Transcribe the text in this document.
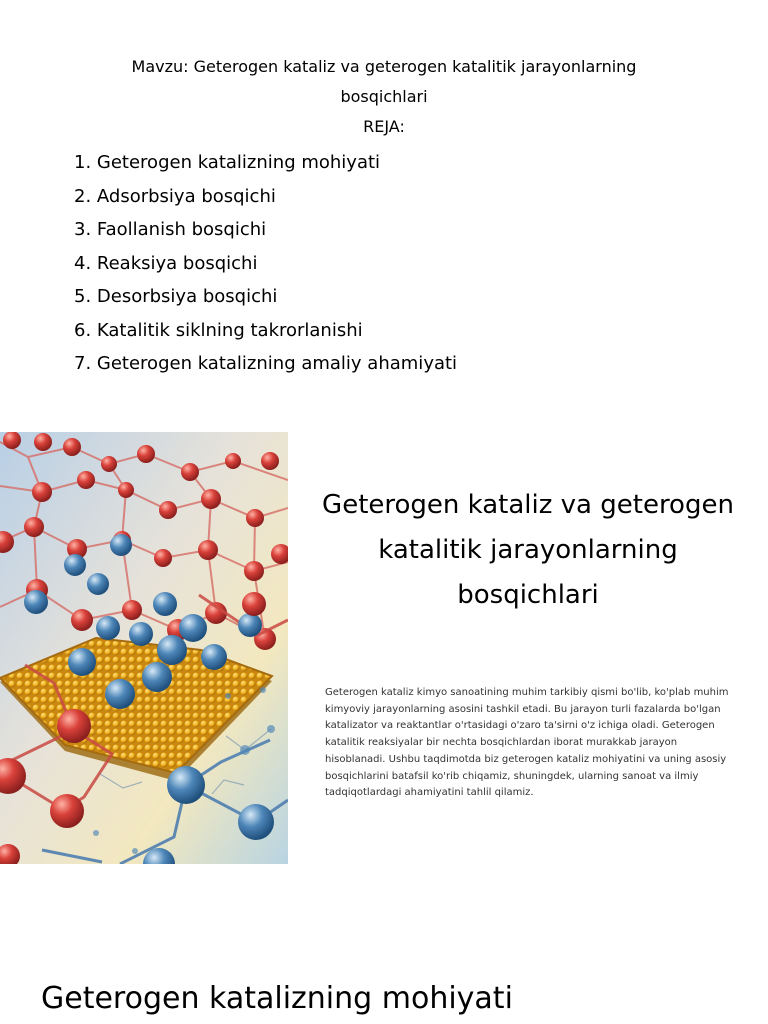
Mavzu: Geterogen kataliz va geterogen katalitik jarayonlarning bosqichlari
REJA:
1. Geterogen katalizning mohiyati
2. Adsorbsiya bosqichi
3. Faollanish bosqichi
4. Reaksiya bosqichi
5. Desorbsiya bosqichi
6. Katalitik siklning takrorlanishi
7. Geterogen katalizning amaliy ahamiyati
Geterogen kataliz va geterogen katalitik jarayonlarning bosqichlari

Geterogen kataliz kimyo sanoatining muhim tarkibiy qismi bo'lib, ko'plab muhim kimyoviy jarayonlarning asosini tashkil etadi. Bu jarayon turli fazalarda bo'lgan katalizator va reaktantlar o'rtasidagi o'zaro ta'sirni o'z ichiga oladi. Geterogen katalitik reaksiyalar bir nechta bosqichlardan iborat murakkab jarayon hisoblanadi. Ushbu taqdimotda biz geterogen kataliz mohiyatini va uning asosiy bosqichlarini batafsil ko'rib chiqamiz, shuningdek, ularning sanoat va ilmiy tadqiqotlardagi ahamiyatini tahlil qilamiz.

Geterogen katalizning mohiyati
